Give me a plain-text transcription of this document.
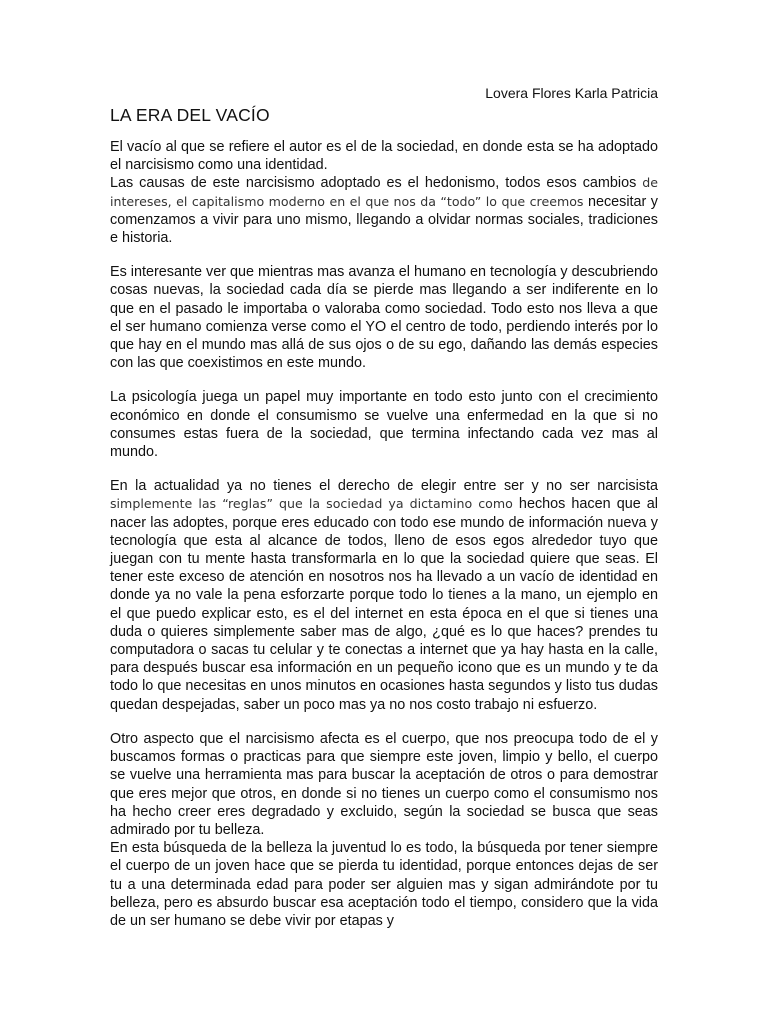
Lovera Flores Karla Patricia

LA ERA DEL VACÍO

El vacío al que se refiere el autor es el de la sociedad, en donde esta se ha adoptado el narcisismo como una identidad.

Las causas de este narcisismo adoptado es el hedonismo, todos esos cambios de intereses, el capitalismo moderno en el que nos da “todo” lo que creemos necesitar y comenzamos a vivir para uno mismo, llegando a olvidar normas sociales, tradiciones e historia.

Es interesante ver que mientras mas avanza el humano en tecnología y descubriendo cosas nuevas, la sociedad cada día se pierde mas llegando a ser indiferente en lo que en el pasado le importaba o valoraba como sociedad. Todo esto nos lleva a que el ser humano comienza verse como el YO el centro de todo, perdiendo interés por lo que hay en el mundo mas allá de sus ojos o de su ego, dañando las demás especies con las que coexistimos en este mundo.

La psicología juega un papel muy importante en todo esto junto con el crecimiento económico en donde el consumismo se vuelve una enfermedad en la que si no consumes estas fuera de la sociedad, que termina infectando cada vez mas al mundo.

En la actualidad ya no tienes el derecho de elegir entre ser y no ser narcisista simplemente las “reglas” que la sociedad ya dictamino como hechos hacen que al nacer las adoptes, porque eres educado con todo ese mundo de información nueva y tecnología que esta al alcance de todos, lleno de esos egos alrededor tuyo que juegan con tu mente hasta transformarla en lo que la sociedad quiere que seas. El tener este exceso de atención en nosotros nos ha llevado a un vacío de identidad en donde ya no vale la pena esforzarte porque todo lo tienes a la mano, un ejemplo en el que puedo explicar esto, es el del internet en esta época en el que si tienes una duda o quieres simplemente saber mas de algo, ¿qué es lo que haces? prendes tu computadora o sacas tu celular y te conectas a internet que ya hay hasta en la calle, para después buscar esa información en un pequeño icono que es un mundo y te da todo lo que necesitas en unos minutos en ocasiones hasta segundos y listo tus dudas quedan despejadas, saber un poco mas ya no nos costo trabajo ni esfuerzo.

Otro aspecto que el narcisismo afecta es el cuerpo, que nos preocupa todo de el y buscamos formas o practicas para que siempre este joven, limpio y bello, el cuerpo se vuelve una herramienta mas para buscar la aceptación de otros o para demostrar que eres mejor que otros, en donde si no tienes un cuerpo como el consumismo nos ha hecho creer eres degradado y excluido, según la sociedad se busca que seas admirado por tu belleza.

En esta búsqueda de la belleza la juventud lo es todo, la búsqueda por tener siempre el cuerpo de un joven hace que se pierda tu identidad, porque entonces dejas de ser tu a una determinada edad para poder ser alguien mas y sigan admirándote por tu belleza, pero es absurdo buscar esa aceptación todo el tiempo, considero que la vida de un ser humano se debe vivir por etapas y
